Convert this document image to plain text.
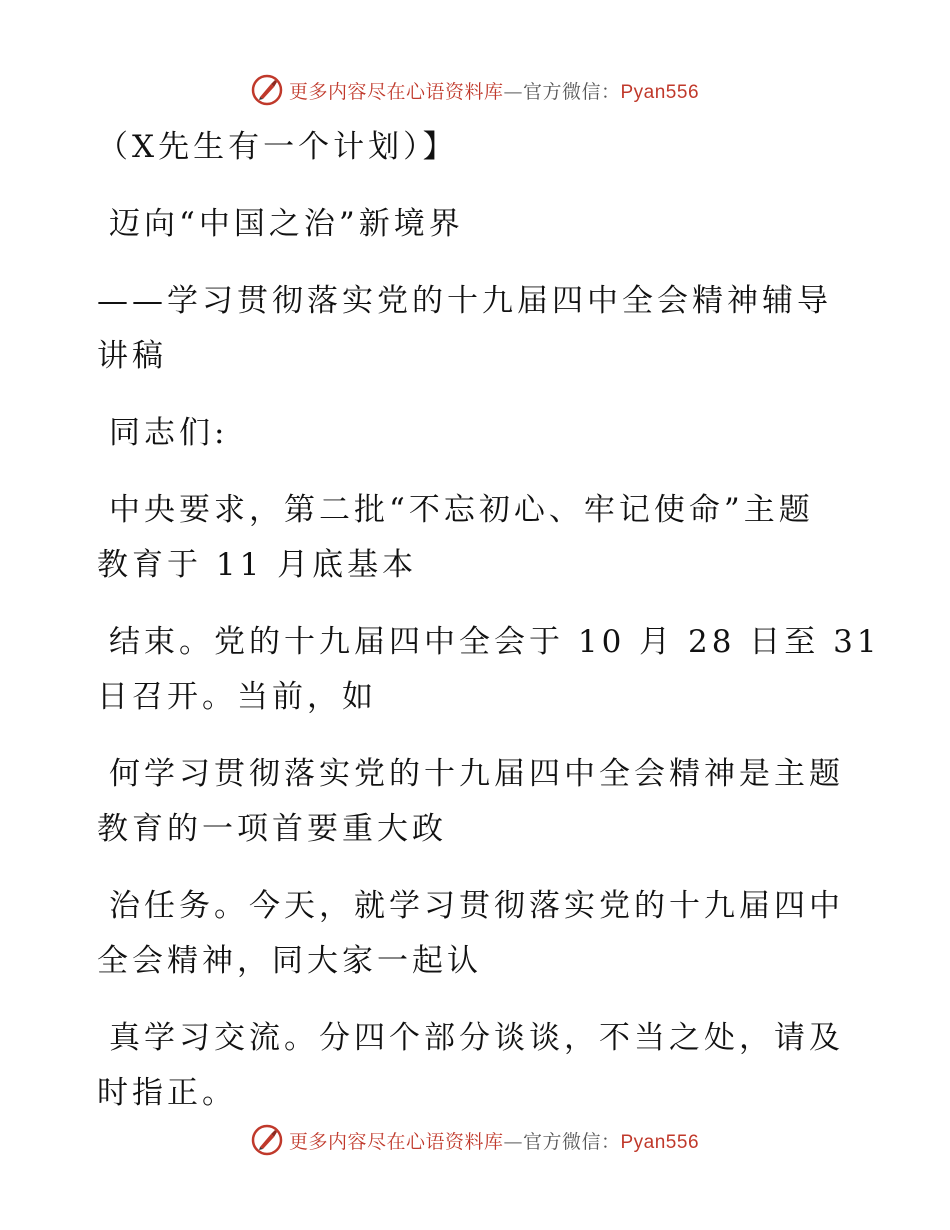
更多内容尽在心语资料库—官方微信：Pyan556

（X先生有一个计划）】

迈向“中国之治”新境界

——学习贯彻落实党的十九届四中全会精神辅导

讲稿

同志们:

中央要求，第二批“不忘初心、牢记使命”主题

教育于 11 月底基本

结束。党的十九届四中全会于 10 月 28 日至 31

日召开。当前，如

何学习贯彻落实党的十九届四中全会精神是主题

教育的一项首要重大政

治任务。今天，就学习贯彻落实党的十九届四中

全会精神，同大家一起认

真学习交流。分四个部分谈谈，不当之处，请及

时指正。

更多内容尽在心语资料库—官方微信：Pyan556
